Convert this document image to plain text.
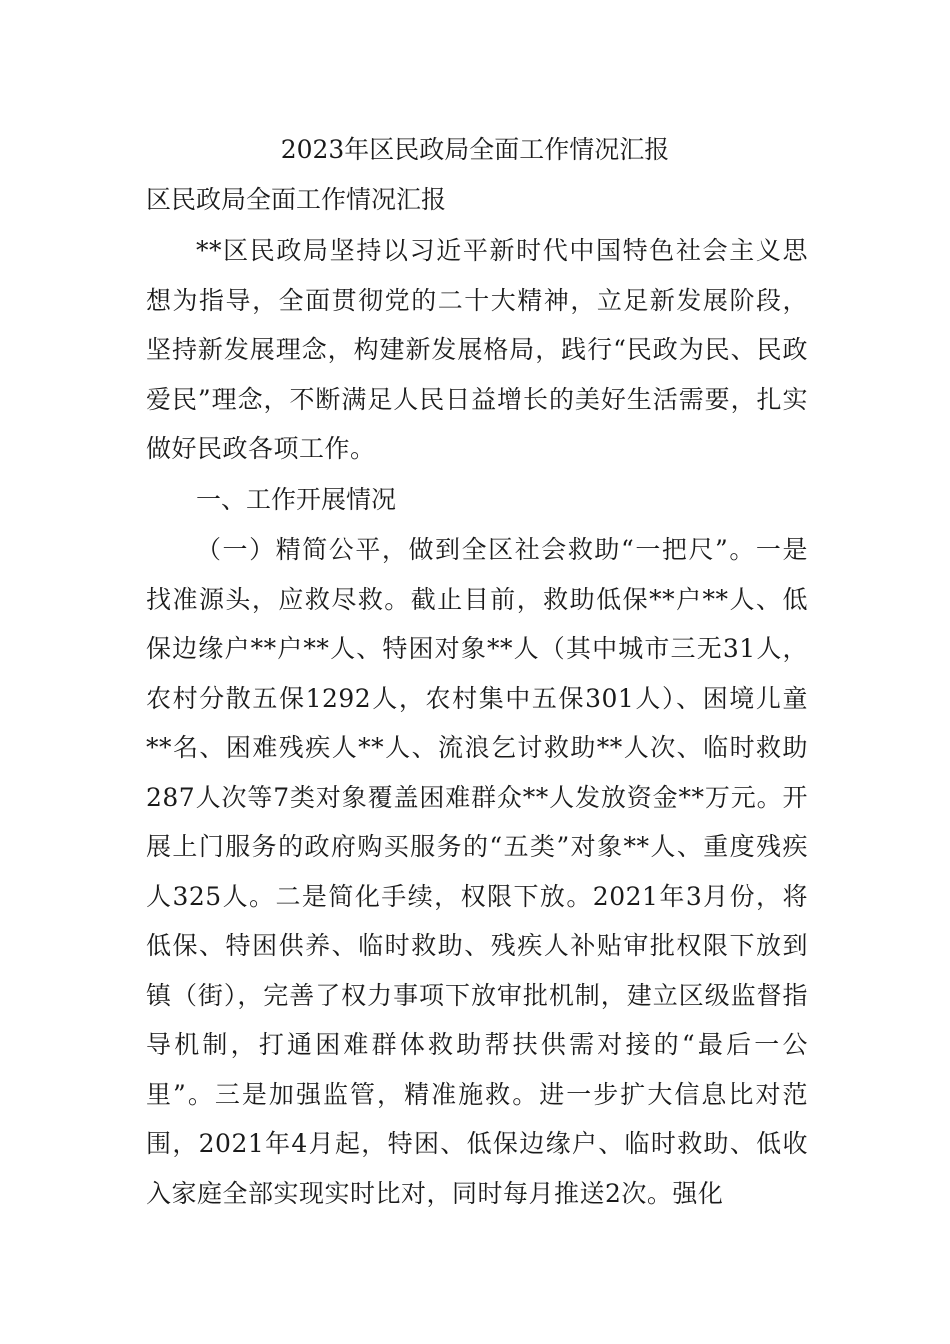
2023年区民政局全面工作情况汇报

区民政局全面工作情况汇报

**区民政局坚持以习近平新时代中国特色社会主义思想为指导，全面贯彻党的二十大精神，立足新发展阶段，坚持新发展理念，构建新发展格局，践行“民政为民、民政爱民”理念，不断满足人民日益增长的美好生活需要，扎实做好民政各项工作。

一、工作开展情况

（一）精简公平，做到全区社会救助“一把尺”。一是找准源头，应救尽救。截止目前，救助低保**户**人、低保边缘户**户**人、特困对象**人（其中城市三无31人，农村分散五保1292人，农村集中五保301人）、困境儿童**名、困难残疾人**人、流浪乞讨救助**人次、临时救助287人次等7类对象覆盖困难群众**人发放资金**万元。开展上门服务的政府购买服务的“五类”对象**人、重度残疾人325人。二是简化手续，权限下放。2021年3月份，将低保、特困供养、临时救助、残疾人补贴审批权限下放到镇（街），完善了权力事项下放审批机制，建立区级监督指导机制，打通困难群体救助帮扶供需对接的“最后一公里”。三是加强监管，精准施救。进一步扩大信息比对范围，2021年4月起，特困、低保边缘户、临时救助、低收入家庭全部实现实时比对，同时每月推送2次。强化
